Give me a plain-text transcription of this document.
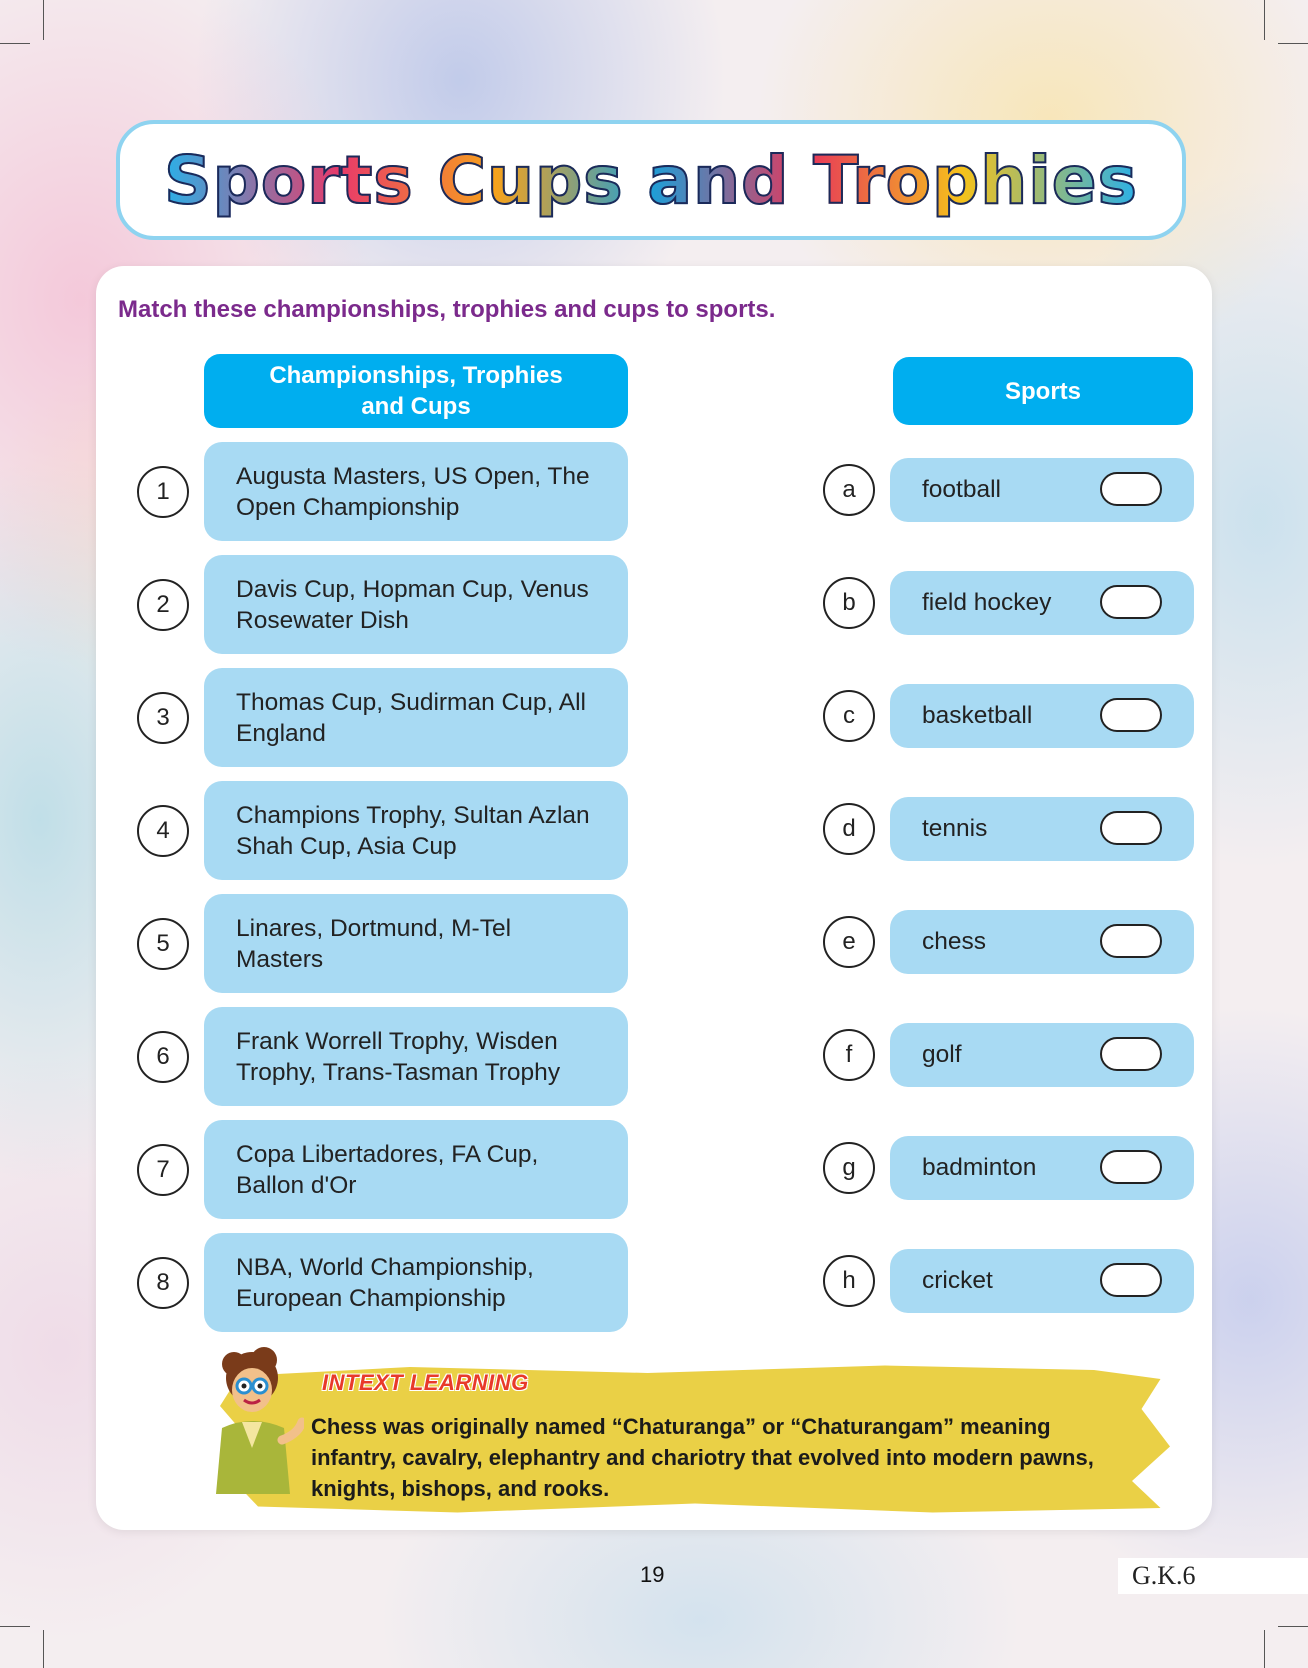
Sports Cups and Trophies
Match these championships, trophies and cups to sports.
Championships, Trophies
and Cups
Sports
1
Augusta Masters, US Open, The
Open Championship
2
Davis Cup, Hopman Cup, Venus
Rosewater Dish
3
Thomas Cup, Sudirman Cup, All
England
4
Champions Trophy, Sultan Azlan
Shah Cup, Asia Cup
5
Linares, Dortmund, M-Tel
Masters
6
Frank Worrell Trophy, Wisden
Trophy, Trans-Tasman Trophy
7
Copa Libertadores, FA Cup,
Ballon d'Or
8
NBA, World Championship,
European Championship
a	football
b	field hockey
c	basketball
d	tennis
e	chess
f	golf
g	badminton
h	cricket
INTEXT LEARNING
Chess was originally named “Chaturanga” or “Chaturangam” meaning
infantry, cavalry, elephantry and chariotry that evolved into modern pawns,
knights, bishops, and rooks.
19	G.K.6
